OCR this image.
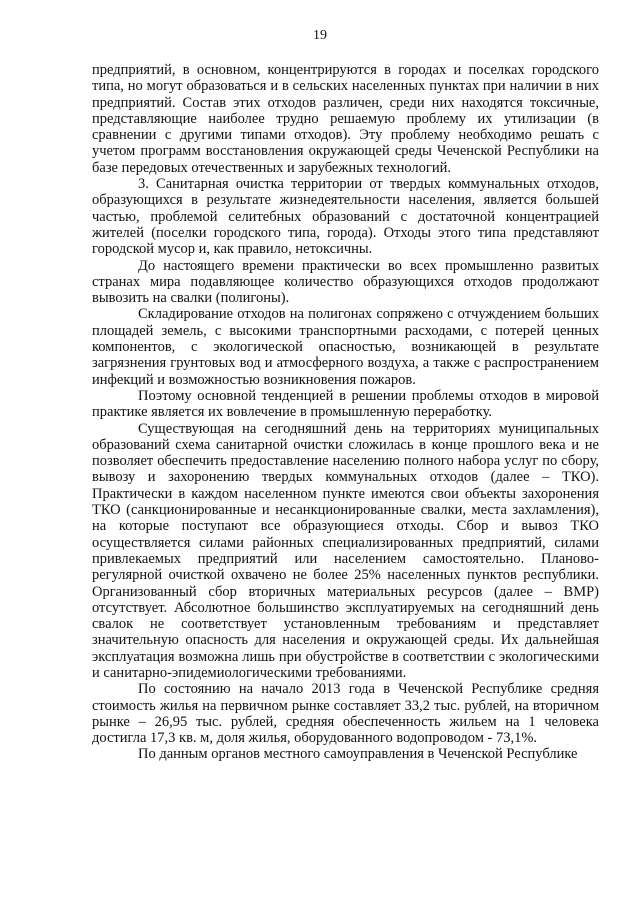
19

предприятий, в основном, концентрируются в городах и поселках городского типа, но могут образоваться и в сельских населенных пунктах при наличии в них предприятий. Состав этих отходов различен, среди них находятся токсичные, представляющие наиболее трудно решаемую проблему их утилизации (в сравнении с другими типами отходов). Эту проблему необходимо решать с учетом программ восстановления окружающей среды Чеченской Республики на базе передовых отечественных и зарубежных технологий.

3. Санитарная очистка территории от твердых коммунальных отходов, образующихся в результате жизнедеятельности населения, является большей частью, проблемой селитебных образований с достаточной концентрацией жителей (поселки городского типа, города). Отходы этого типа представляют городской мусор и, как правило, нетоксичны.

До настоящего времени практически во всех промышленно развитых странах мира подавляющее количество образующихся отходов продолжают вывозить на свалки (полигоны).

Складирование отходов на полигонах сопряжено с отчуждением больших площадей земель, с высокими транспортными расходами, с потерей ценных компонентов, с экологической опасностью, возникающей в результате загрязнения грунтовых вод и атмосферного воздуха, а также с распространением инфекций и возможностью возникновения пожаров.

Поэтому основной тенденцией в решении проблемы отходов в мировой практике является их вовлечение в промышленную переработку.

Существующая на сегодняшний день на территориях муниципальных образований схема санитарной очистки сложилась в конце прошлого века и не позволяет обеспечить предоставление населению полного набора услуг по сбору, вывозу и захоронению твердых коммунальных отходов (далее – ТКО). Практически в каждом населенном пункте имеются свои объекты захоронения ТКО (санкционированные и несанкционированные свалки, места захламления), на которые поступают все образующиеся отходы. Сбор и вывоз ТКО осуществляется силами районных специализированных предприятий, силами привлекаемых предприятий или населением самостоятельно. Планово-регулярной очисткой охвачено не более 25% населенных пунктов республики. Организованный сбор вторичных материальных ресурсов (далее – ВМР) отсутствует. Абсолютное большинство эксплуатируемых на сегодняшний день свалок не соответствует установленным требованиям и представляет значительную опасность для населения и окружающей среды. Их дальнейшая эксплуатация возможна лишь при обустройстве в соответствии с экологическими и санитарно-эпидемиологическими требованиями.

По состоянию на начало 2013 года в Чеченской Республике средняя стоимость жилья на первичном рынке составляет 33,2 тыс. рублей, на вторичном рынке – 26,95 тыс. рублей, средняя обеспеченность жильем на 1 человека достигла 17,3 кв. м, доля жилья, оборудованного водопроводом - 73,1%.

По данным органов местного самоуправления в Чеченской Республике
